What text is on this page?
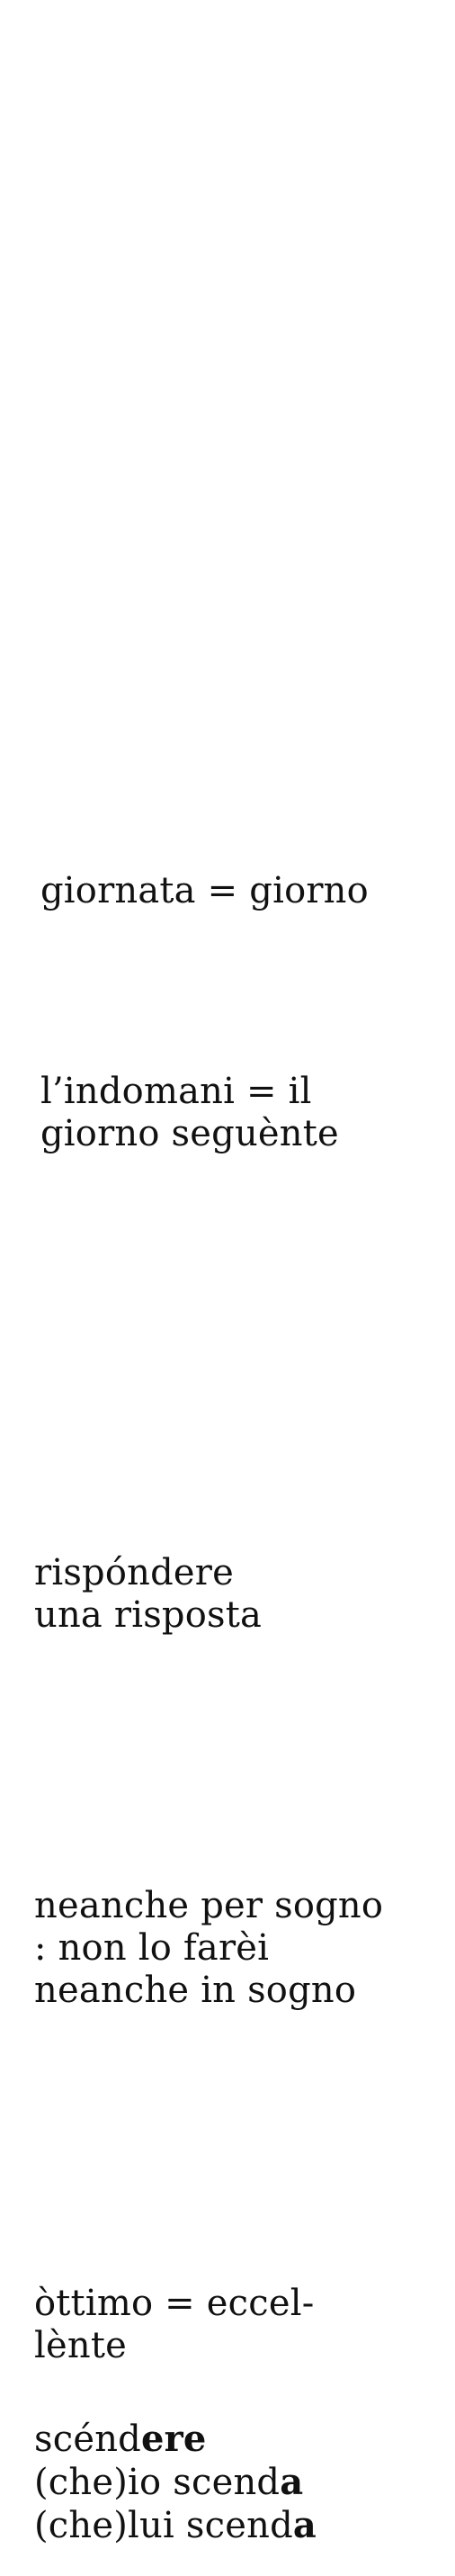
giornata = giorno
l’indomani = il
giorno seguènte
rispóndere
una risposta
neanche per sogno
: non lo farèi
neanche in sogno
òttimo = eccel-
lènte
scéndere
(che)io scenda
(che)lui scenda
